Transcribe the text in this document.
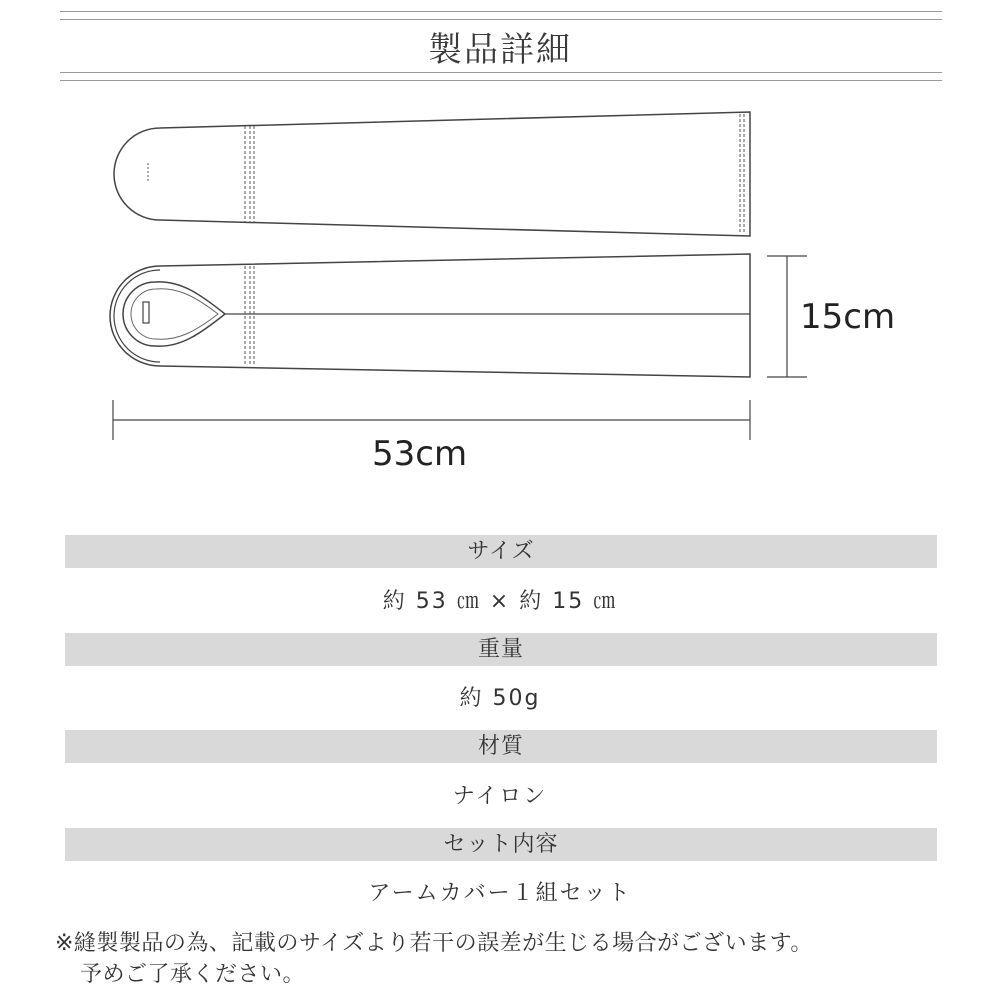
製品詳細
15cm
53cm
サイズ
約 53 ㎝ × 約 15 ㎝
重量
約 50g
材質
ナイロン
セット内容
アームカバー１組セット
※縫製製品の為、記載のサイズより若干の誤差が生じる場合がございます。
予めご了承ください。
